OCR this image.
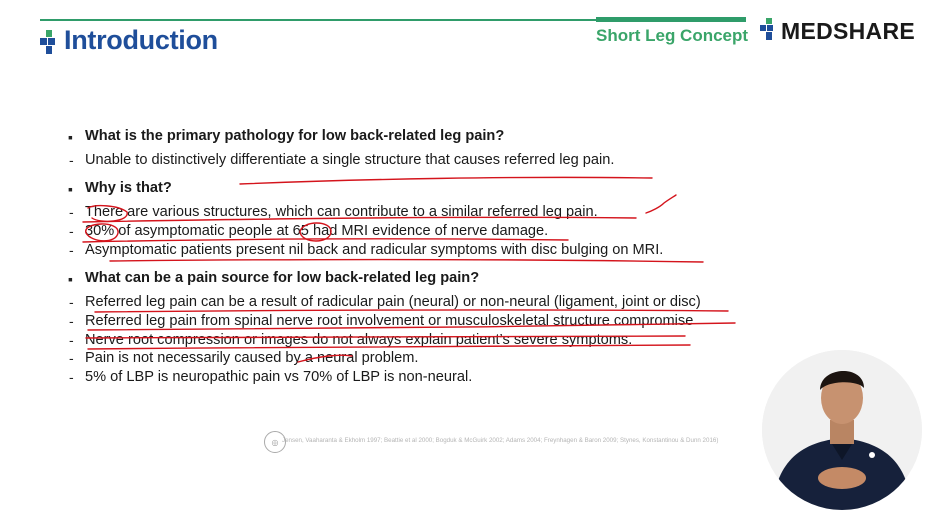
Introduction	Short Leg Concept MEDSHARE
▪ What is the primary pathology for low back-related leg pain?
- Unable to distinctively differentiate a single structure that causes referred leg pain.
▪ Why is that?
- There are various structures, which can contribute to a similar referred leg pain.
- 30% of asymptomatic people at 65 had MRI evidence of nerve damage.
- Asymptomatic patients present nil back and radicular symptoms with disc bulging on MRI.
▪ What can be a pain source for low back-related leg pain?
- Referred leg pain can be a result of radicular pain (neural) or non-neural (ligament, joint or disc)
- Referred leg pain from spinal nerve root involvement or musculoskeletal structure compromise
- Nerve root compression or images do not always explain patient’s severe symptoms.
- Pain is not necessarily caused by a neural problem.
- 5% of LBP is neuropathic pain vs 70% of LBP is non-neural.
◎ Jensen, Vaaharanta & Ekholm 1997; Beattie et al 2000; Bogduk & McGuirk 2002; Adams 2004; Freynhagen & Baron 2009; Stynes, Konstantinou & Dunn 2016)
